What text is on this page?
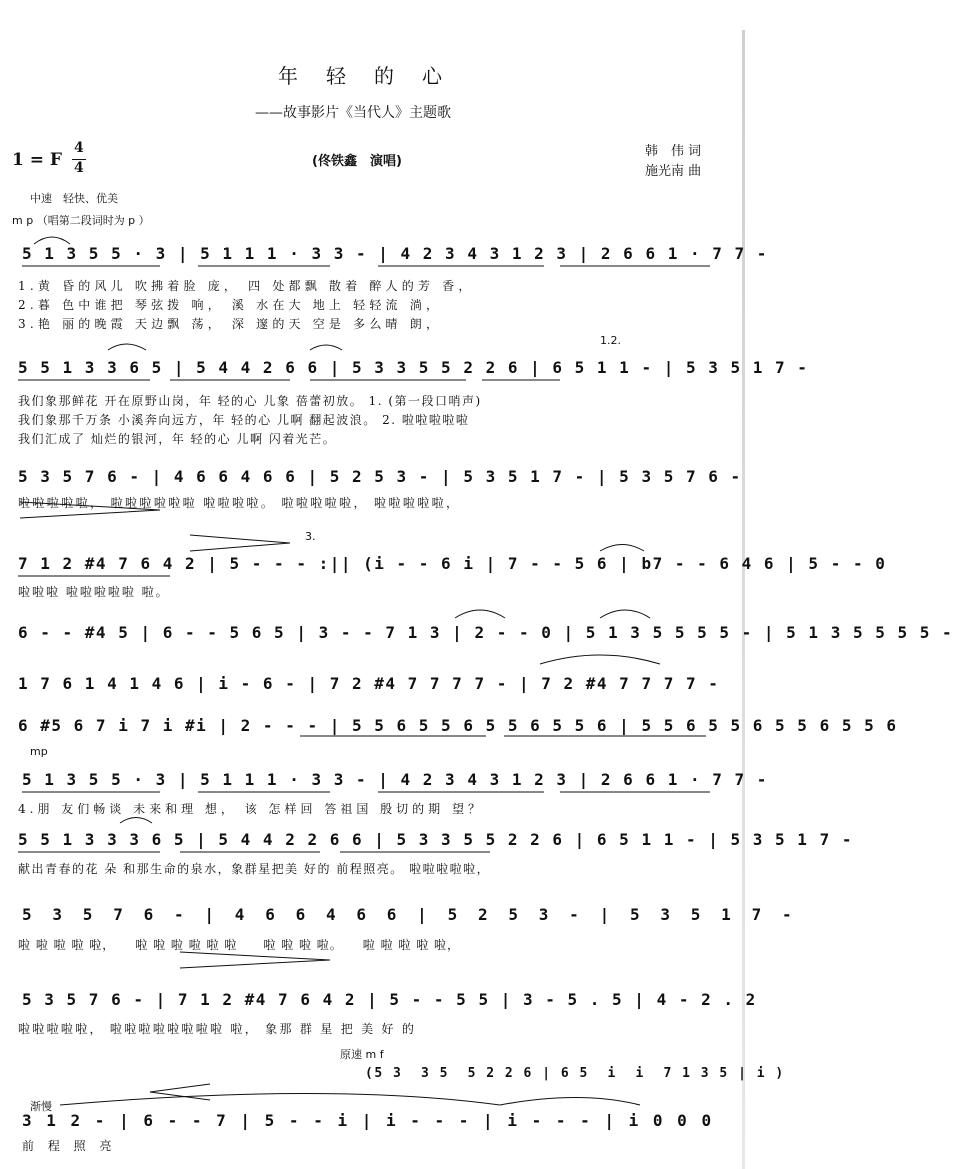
年轻的心
——故事影片《当代人》主题歌
1 = F
4
4	(佟铁鑫　演唱)
韩　伟 词
施光南 曲
中速　轻快、优美
m p （唱第二段词时为 p ）
5 1 3 5 5 · 3 | 5 1 1 1 · 3 3 - | 4 2 3 4 3 1 2 3 | 2 6 6 1 · 7 7 -
1.黄 昏的风儿 吹拂着脸 庞， 四 处都飘 散着 醉人的芳 香，
2.暮 色中谁把 琴弦拨 响， 溪 水在大 地上 轻轻流 淌，
3.艳 丽的晚霞 天边飘 荡， 深 邃的天 空是 多么晴 朗，
1.2.
5 5 1 3 3 6 5 | 5 4 4 2 6 6 | 5 3 3 5 5 2 2 6 | 6 5 1 1 - | 5 3 5 1 7 -
我们象那鲜花 开在原野山岗，年 轻的心 儿象 蓓蕾初放。 1. (第一段口哨声)
我们象那千万条 小溪奔向远方，年 轻的心 儿啊 翻起波浪。 2. 啦啦啦啦啦
我们汇成了 灿烂的银河，年 轻的心 儿啊 闪着光芒。
5 3 5 7 6 - | 4 6 6 4 6 6 | 5 2 5 3 - | 5 3 5 1 7 - | 5 3 5 7 6 -
啦啦啦啦啦， 啦啦啦啦啦啦 啦啦啦啦。 啦啦啦啦啦， 啦啦啦啦啦，
3.
7 1 2 #4 7 6 4 2 | 5 - - - :|| (i - - 6 i | 7 - - 5 6 | b7 - - 6 4 6 | 5 - - 0
啦啦啦 啦啦啦啦啦 啦。
6 - - #4 5 | 6 - - 5 6 5 | 3 - - 7 1 3 | 2 - - 0 | 5 1 3 5 5 5 5 - | 5 1 3 5 5 5 5 -
1 7 6 1 4 1 4 6 | i - 6 - | 7 2 #4 7 7 7 7 - | 7 2 #4 7 7 7 7 -
6 #5 6 7 i 7 i #i | 2 - - - | 5 5 6 5 5 6 5 5 6 5 5 6 | 5 5 6 5 5 6 5 5 6 5 5 6
mp
5 1 3 5 5 · 3 | 5 1 1 1 · 3 3 - | 4 2 3 4 3 1 2 3 | 2 6 6 1 · 7 7 -
4.朋 友们畅谈 未来和理 想， 该 怎样回 答祖国 殷切的期 望？
5 5 1 3 3 3 6 5 | 5 4 4 2 2 6 6 | 5 3 3 5 5 2 2 6 | 6 5 1 1 - | 5 3 5 1 7 -
献出青春的花 朵 和那生命的泉水，象群星把美 好的 前程照亮。 啦啦啦啦啦，
5  3  5  7  6  -  |  4  6  6  4  6  6  |  5  2  5  3  -  |  5  3  5  1  7  -
啦 啦 啦 啦 啦，　　啦 啦 啦 啦 啦 啦　　啦 啦 啦 啦。　　啦 啦 啦 啦 啦，
5 3 5 7 6 - | 7 1 2 #4 7 6 4 2 | 5 - - 5 5 | 3 - 5 . 5 | 4 - 2 . 2
啦啦啦啦啦， 啦啦啦啦啦啦啦啦 啦， 象那 群 星 把 美 好 的
原速 m f
(5 3  3 5  5 2 2 6 | 6 5  i  i  7 1 3 5 | i )
渐慢
3 1 2 - | 6 - - 7 | 5 - - i | i - - - | i - - - | i 0 0 0
前 程 照 亮
